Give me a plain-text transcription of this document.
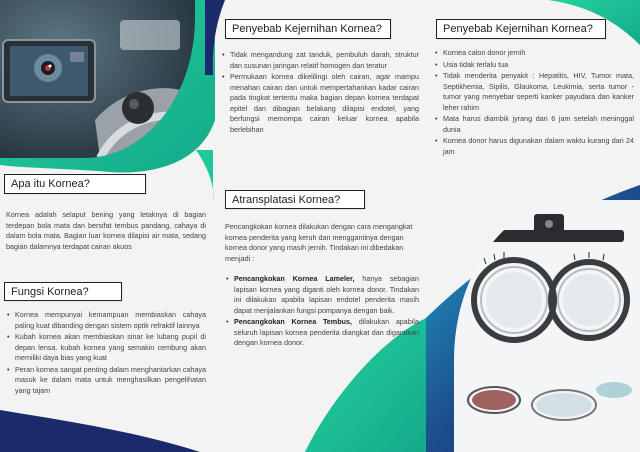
Apa itu Kornea?

Kornea adalah selaput bening yang letaknya di bagian terdepan bola mata dan bersifat tembus pandang, cahaya di dalam bola mata. Bagian luar kornea dilapisi air mata, sedang bagian dalamnya terdapat cairan akuos

Fungsi Kornea?
• Kornea mempunyai kemampuan membiaskan cahaya paling kuat dibanding dengan sistem optik refraktif lainnya
• Kubah kornea akan membiaskan sinar ke lubang pupil di depan lensa. kubah kornea yang semakin cembung akan memiliki daya bias yang kuat
• Peran kornea sangat penting dalam menghantarkan cahaya masuk ke dalam mata untuk menghasilkan pengelihatan yang tajam
Penyebab Kejernihan Kornea?
• Tidak mengandung zat tanduk, pembuluh darah, struktur dan susunan jaringan relatif homogen dan teratur
• Permukaan kornea dikelilingi oleh cairan, agar mampu menahan cairan dan untuk mempertahankan kadar cairan pada tingkat tertentu maka bagian depan kornea terdapat epitel dan dibagian belakang dilapisi endotel, yang berfungsi memompa cairan keluar kornea apabila berlebihan
Atransplatasi Kornea?

Pencangkokan kornea dilakukan dengan cara mengangkat kornea penderita yang keruh dan menggantinya dengan kornea donor yang masih jernih. Tindakan ini dibedakan menjadi :

• Pencangkokan Kornea Lameler, hanya sebagian lapisan kornea yang diganti oleh kornea donor. Tindakan ini dilakukan apabila lapisan endotel penderita masih dapat menjalankan fungsi pompanya dengan baik.
• Pencangkokan Kornea Tembus, dilakukan apabila seluruh lapisan kornea penderita diangkat dan digantikan dengan kornea donor.
Penyebab Kejernihan Kornea?
• Kornea calon donor jernih
• Usia tidak terlalu tua
• Tidak menderita penyakit : Hepatitis, HIV, Tumor mata, Septikhemia, Sipilis, Glaukoma, Leukimia, serta tumor - tumor yang menyebar seperti kanker payudara dan kanker leher rahim
• Mata harus diambik jyrang dari 6 jam setelah meninggal dunia
• Kornea donor harus digunakan dalam waktu kurang dari 24 jam
